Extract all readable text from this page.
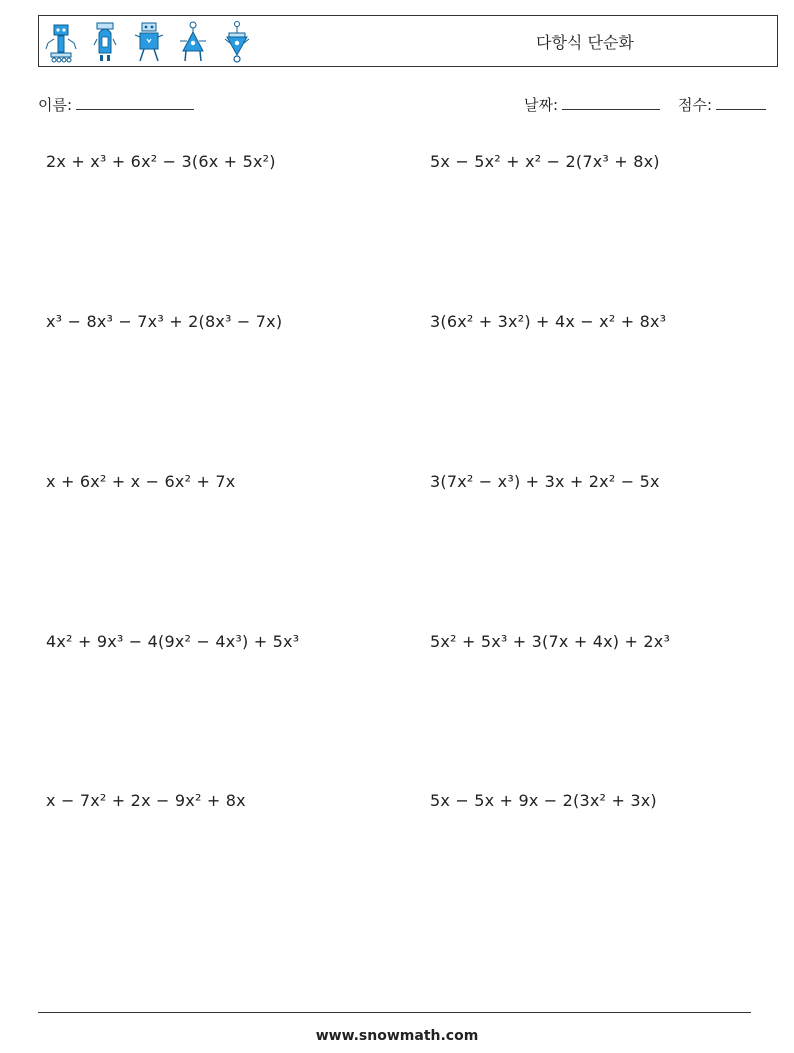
다항식 단순화
이름:	날짜:	점수:
2x + x³ + 6x² − 3(6x + 5x²)	5x − 5x² + x² − 2(7x³ + 8x)
x³ − 8x³ − 7x³ + 2(8x³ − 7x)	3(6x² + 3x²) + 4x − x² + 8x³
x + 6x² + x − 6x² + 7x	3(7x² − x³) + 3x + 2x² − 5x
4x² + 9x³ − 4(9x² − 4x³) + 5x³	5x² + 5x³ + 3(7x + 4x) + 2x³
x − 7x² + 2x − 9x² + 8x	5x − 5x + 9x − 2(3x² + 3x)
www.snowmath.com
